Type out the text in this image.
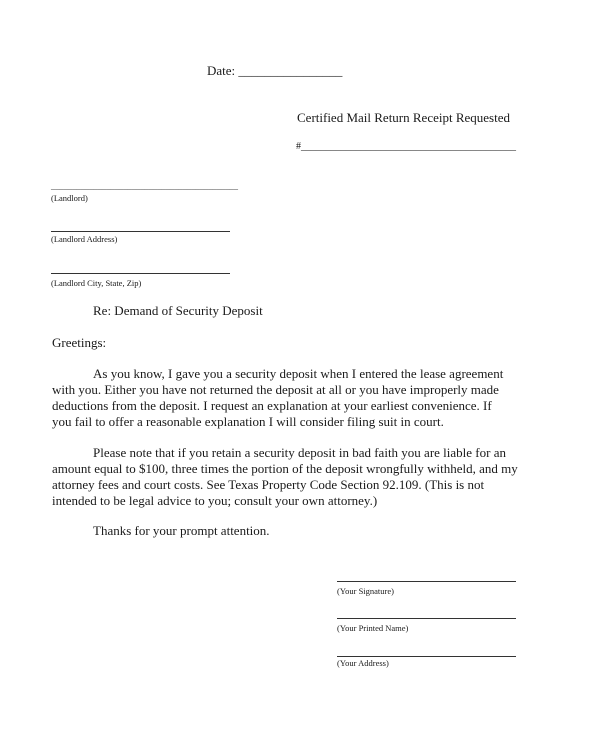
Date: ________________
Certified Mail Return Receipt Requested
#___________________________________________
____________________________________________
(Landlord)
(Landlord Address)
(Landlord City, State, Zip)
Re: Demand of Security Deposit
Greetings:
As you know, I gave you a security deposit when I entered the lease agreement
with you. Either you have not returned the deposit at all or you have improperly made
deductions from the deposit. I request an explanation at your earliest convenience. If
you fail to offer a reasonable explanation I will consider filing suit in court.
Please note that if you retain a security deposit in bad faith you are liable for an
amount equal to $100, three times the portion of the deposit wrongfully withheld, and my
attorney fees and court costs. See Texas Property Code Section 92.109. (This is not
intended to be legal advice to you; consult your own attorney.)
Thanks for your prompt attention.
(Your Signature)
(Your Printed Name)
(Your Address)
